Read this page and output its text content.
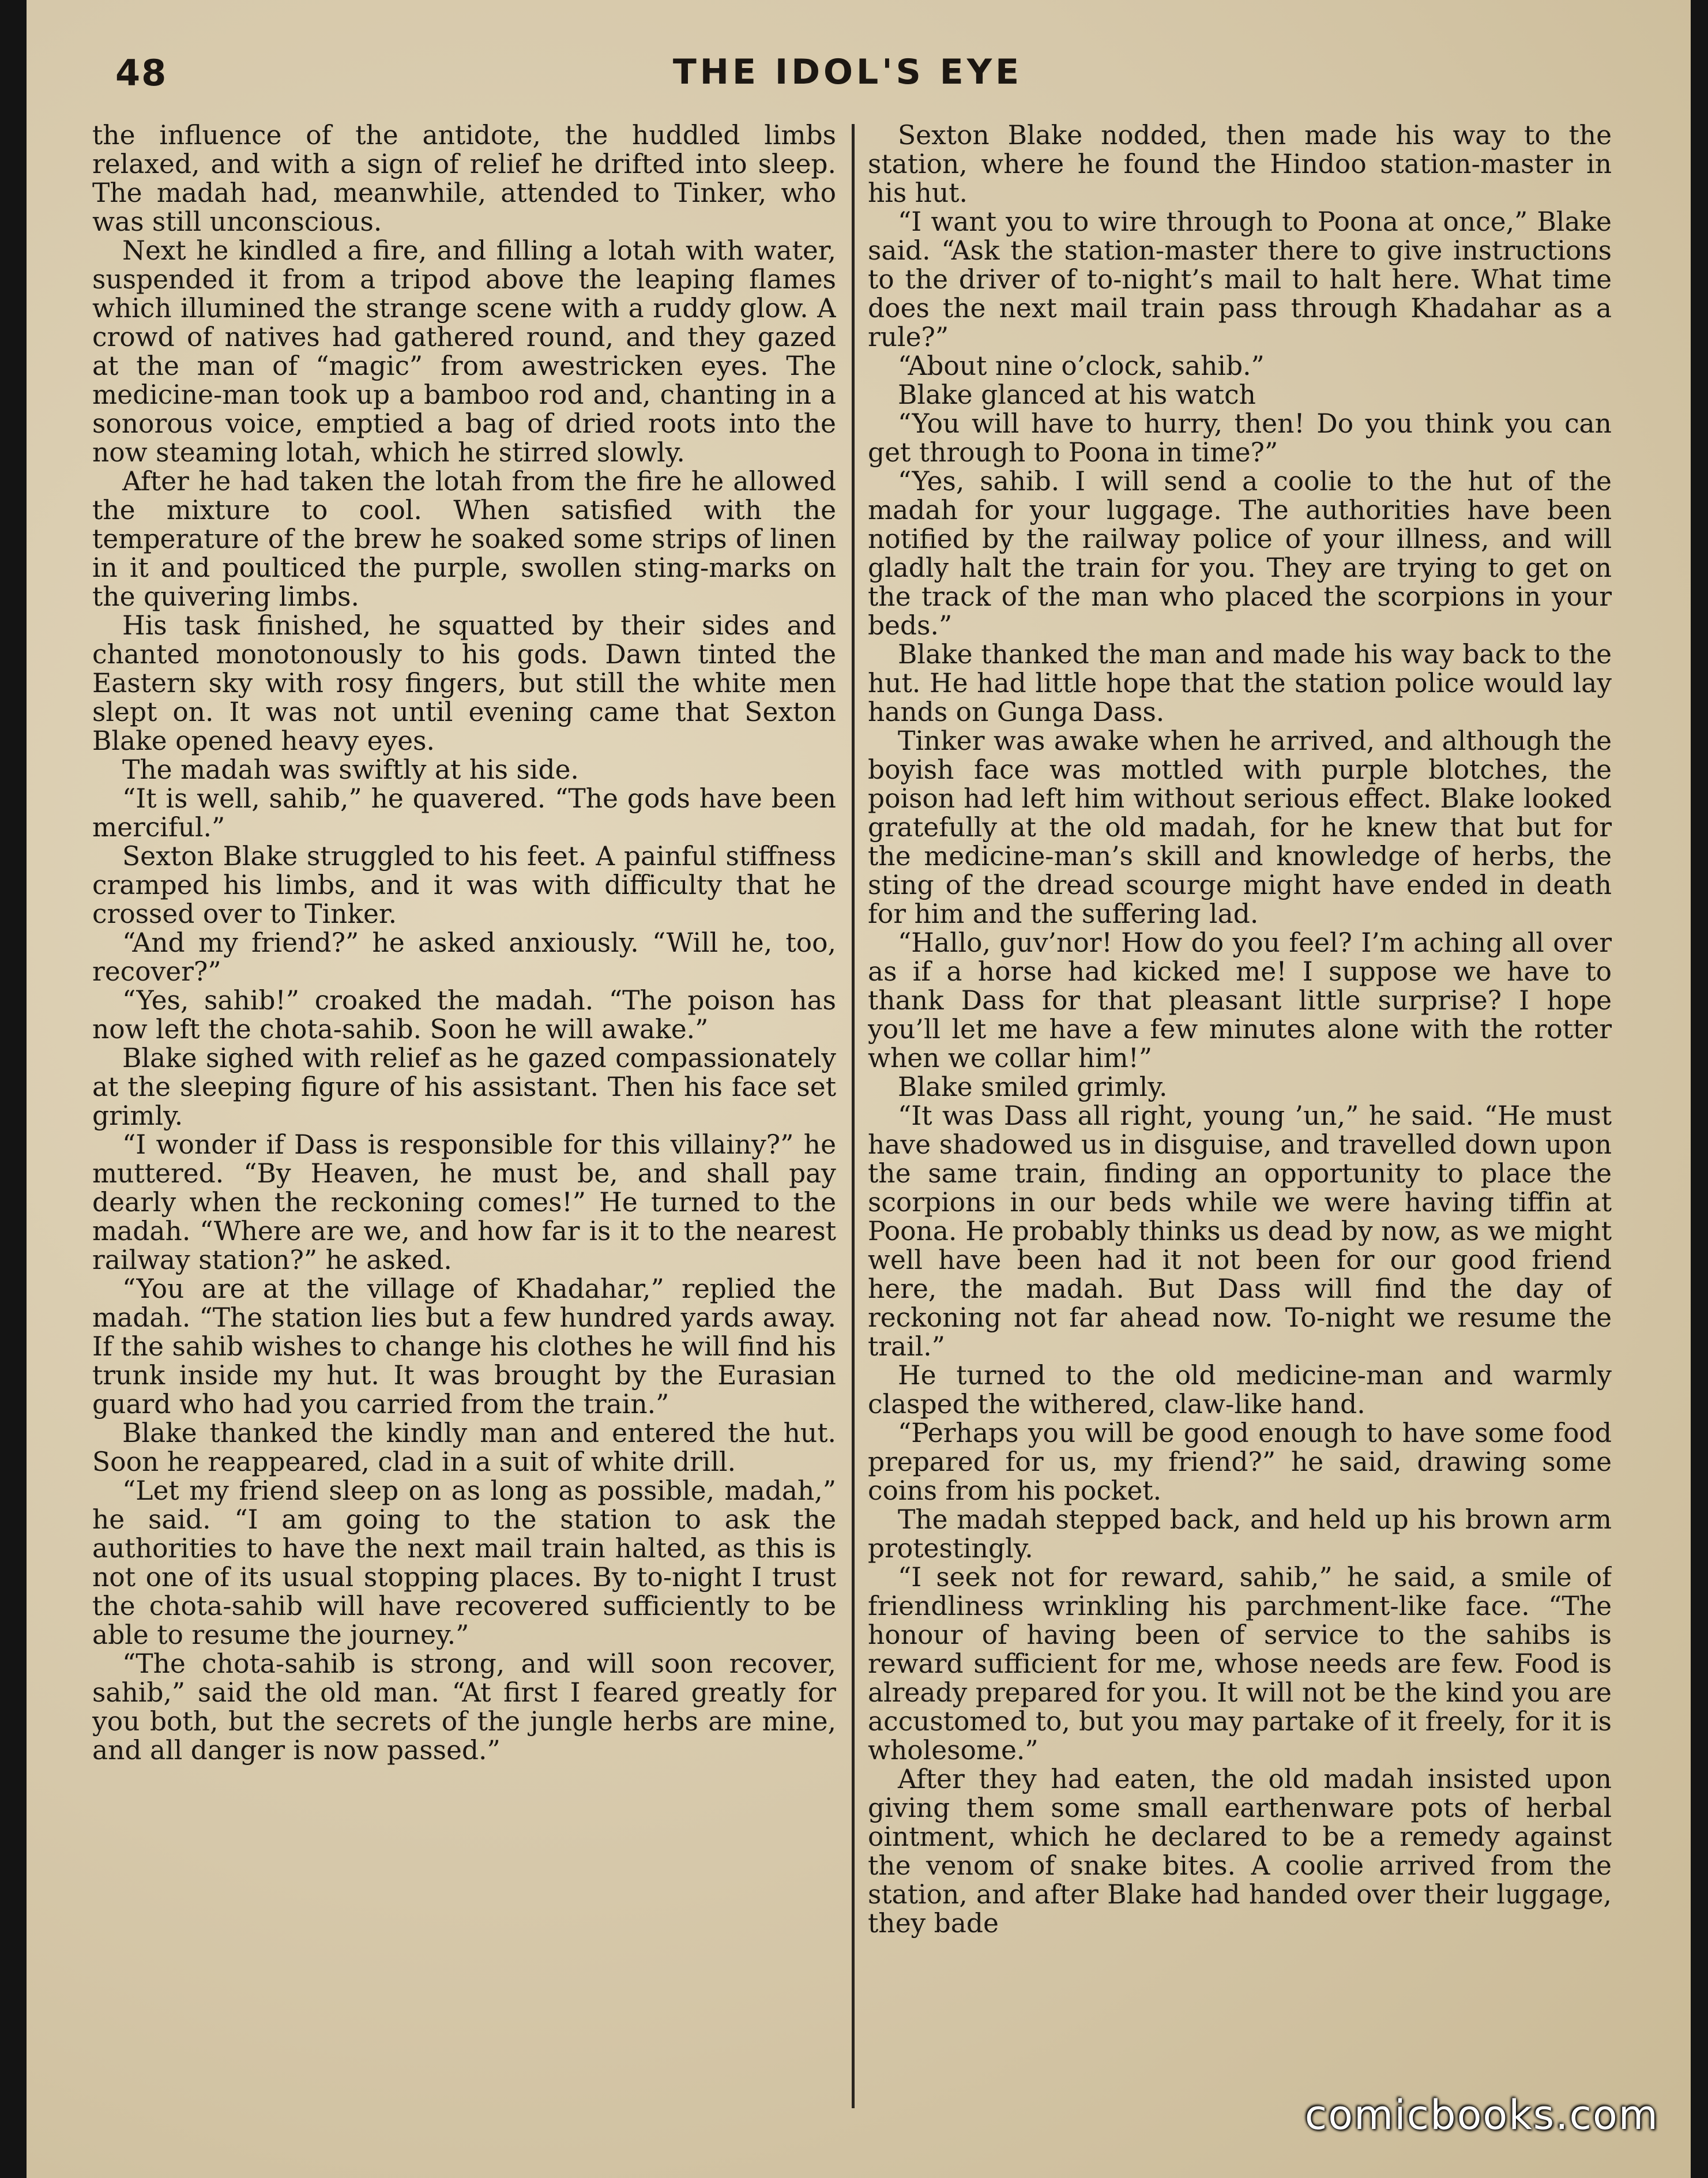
48	THE IDOL'S EYE

the influence of the antidote, the huddled limbs relaxed, and with a sign of relief he drifted into sleep. The madah had, meanwhile, attended to Tinker, who was still unconscious.

Next he kindled a fire, and filling a lotah with water, suspended it from a tripod above the leaping flames which illumined the strange scene with a ruddy glow. A crowd of natives had gathered round, and they gazed at the man of “magic” from awestricken eyes. The medicine-man took up a bamboo rod and, chanting in a sonorous voice, emptied a bag of dried roots into the now steaming lotah, which he stirred slowly.

After he had taken the lotah from the fire he allowed the mixture to cool. When satisfied with the temperature of the brew he soaked some strips of linen in it and poulticed the purple, swollen sting-marks on the quivering limbs.

His task finished, he squatted by their sides and chanted monotonously to his gods. Dawn tinted the Eastern sky with rosy fingers, but still the white men slept on. It was not until evening came that Sexton Blake opened heavy eyes.

The madah was swiftly at his side.

“It is well, sahib,” he quavered. “The gods have been merciful.”

Sexton Blake struggled to his feet. A painful stiffness cramped his limbs, and it was with difficulty that he crossed over to Tinker.

“And my friend?” he asked anxiously. “Will he, too, recover?”

“Yes, sahib!” croaked the madah. “The poison has now left the chota-sahib. Soon he will awake.”

Blake sighed with relief as he gazed compassionately at the sleeping figure of his assistant. Then his face set grimly.

“I wonder if Dass is responsible for this villainy?” he muttered. “By Heaven, he must be, and shall pay dearly when the reckoning comes!” He turned to the madah. “Where are we, and how far is it to the nearest railway station?” he asked.

“You are at the village of Khadahar,” replied the madah. “The station lies but a few hundred yards away. If the sahib wishes to change his clothes he will find his trunk inside my hut. It was brought by the Eurasian guard who had you carried from the train.”

Blake thanked the kindly man and entered the hut. Soon he reappeared, clad in a suit of white drill.

“Let my friend sleep on as long as possible, madah,” he said. “I am going to the station to ask the authorities to have the next mail train halted, as this is not one of its usual stopping places. By to-night I trust the chota-sahib will have recovered sufficiently to be able to resume the journey.”

“The chota-sahib is strong, and will soon recover, sahib,” said the old man. “At first I feared greatly for you both, but the secrets of the jungle herbs are mine, and all danger is now passed.”

Sexton Blake nodded, then made his way to the station, where he found the Hindoo station-master in his hut.

“I want you to wire through to Poona at once,” Blake said. “Ask the station-master there to give instructions to the driver of to-night’s mail to halt here. What time does the next mail train pass through Khadahar as a rule?”

“About nine o’clock, sahib.”

Blake glanced at his watch

“You will have to hurry, then! Do you think you can get through to Poona in time?”

“Yes, sahib. I will send a coolie to the hut of the madah for your luggage. The authorities have been notified by the railway police of your illness, and will gladly halt the train for you. They are trying to get on the track of the man who placed the scorpions in your beds.”

Blake thanked the man and made his way back to the hut. He had little hope that the station police would lay hands on Gunga Dass.

Tinker was awake when he arrived, and although the boyish face was mottled with purple blotches, the poison had left him without serious effect. Blake looked gratefully at the old madah, for he knew that but for the medicine-man’s skill and knowledge of herbs, the sting of the dread scourge might have ended in death for him and the suffering lad.

“Hallo, guv’nor! How do you feel? I’m aching all over as if a horse had kicked me! I suppose we have to thank Dass for that pleasant little surprise? I hope you’ll let me have a few minutes alone with the rotter when we collar him!”

Blake smiled grimly.

“It was Dass all right, young ’un,” he said. “He must have shadowed us in disguise, and travelled down upon the same train, finding an opportunity to place the scorpions in our beds while we were having tiffin at Poona. He probably thinks us dead by now, as we might well have been had it not been for our good friend here, the madah. But Dass will find the day of reckoning not far ahead now. To-night we resume the trail.”

He turned to the old medicine-man and warmly clasped the withered, claw-like hand.

“Perhaps you will be good enough to have some food prepared for us, my friend?” he said, drawing some coins from his pocket.

The madah stepped back, and held up his brown arm protestingly.

“I seek not for reward, sahib,” he said, a smile of friendliness wrinkling his parchment-like face. “The honour of having been of service to the sahibs is reward sufficient for me, whose needs are few. Food is already prepared for you. It will not be the kind you are accustomed to, but you may partake of it freely, for it is wholesome.”

After they had eaten, the old madah insisted upon giving them some small earthenware pots of herbal ointment, which he declared to be a remedy against the venom of snake bites. A coolie arrived from the station, and after Blake had handed over their luggage, they bade

comicbooks.com
